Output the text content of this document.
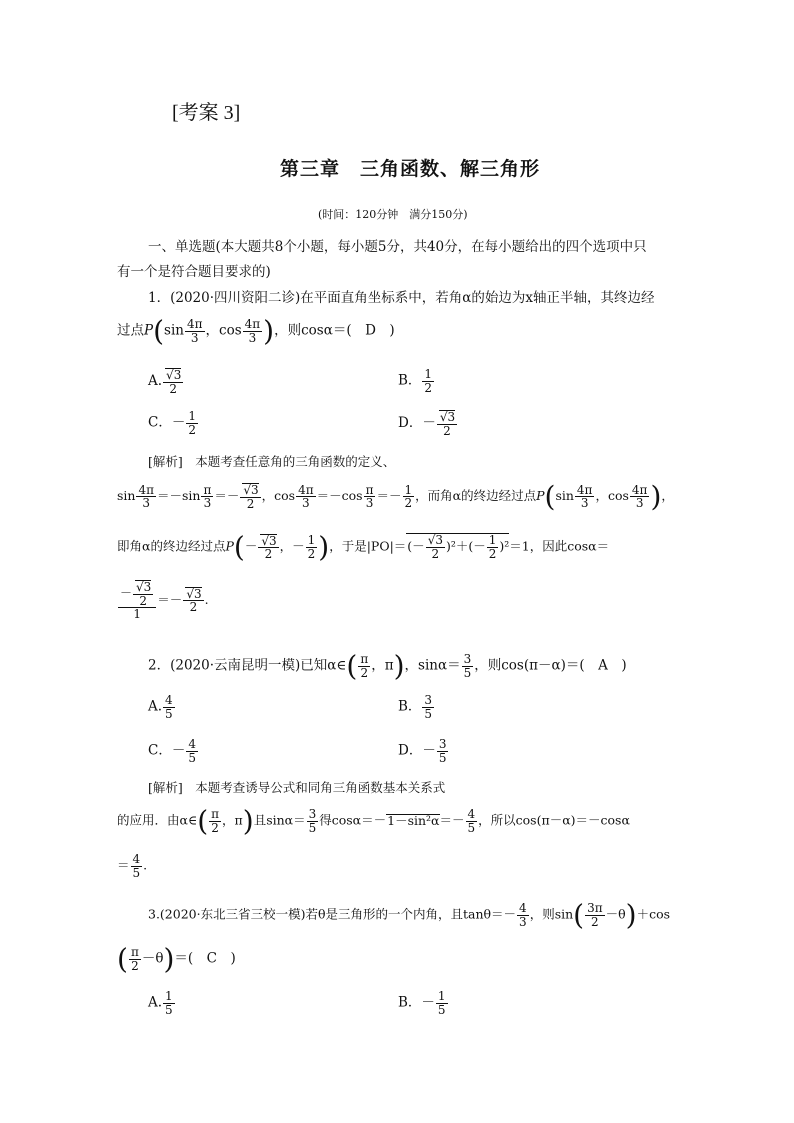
[考案 3]
第三章　三角函数、解三角形
(时间：120分钟　满分150分)
一、单选题(本大题共8个小题，每小题5分，共40分，在每小题给出的四个选项中只
有一个是符合题目要求的)
1．(2020·四川资阳二诊)在平面直角坐标系中，若角α的始边为x轴正半轴，其终边经
过点$P(\sin \frac{4\pi}{3}$ ，$\cos \frac{4\pi}{3}$ )，则cosα＝(　D　)
A. $\frac{√3}{2}$	B． $\frac{1}{2}$
C．－ $\frac{1}{2}$	D．－ $\frac{√3}{2}$
[解析]　 本题考查任意角的三角函数的定义、
$\sin \frac{4\pi}{3} =-\sin \frac{\pi}{3} =- \frac{√3}{2}$ ，$\cos \frac{4\pi}{3} =-\cos \frac{\pi}{3} =- \frac{1}{2}$ ，而角α的终边经过点$P(\sin \frac{4\pi}{3}$ ，$\cos \frac{4\pi}{3}$ )，
即角α的终边经过点$P(- \frac{√3}{2}$ ，－ $\frac{1}{2}$ )，于是$|PO|=(- \frac{√3}{2} )^2+(- \frac{1}{2} )^2=1$，因此cosα＝
$\frac{- \frac{√3}{2}}{1} =- \frac{√3}{2}$ .
2．(2020·云南昆明一模)已知α∈( $\frac{\pi}{2}$ ，π)，$\sin\alpha= \frac{3}{5}$ ，则cos(π－α)＝(　A　)
A. $\frac{4}{5}$	B． $\frac{3}{5}$
C．－ $\frac{4}{5}$	D．－ $\frac{3}{5}$
[解析]　 本题考查诱导公式和同角三角函数基本关系式
的应用．由α∈( $\frac{\pi}{2}$ ，π)且$\sin\alpha= \frac{3}{5}$ 得$\cos\alpha=-1-\sin^2\alpha=- \frac{4}{5}$ ，所以cos(π－α)＝－cosα
＝ $\frac{4}{5}$ .
3.(2020·东北三省三校一模)若θ是三角形的一个内角，且$\tan\theta=- \frac{4}{3}$ ，则$\sin( \frac{3\pi}{2} -\theta)+\cos$
( $\frac{\pi}{2} -\theta)=$(　C　)
A. $\frac{1}{5}$	B．－ $\frac{1}{5}$
